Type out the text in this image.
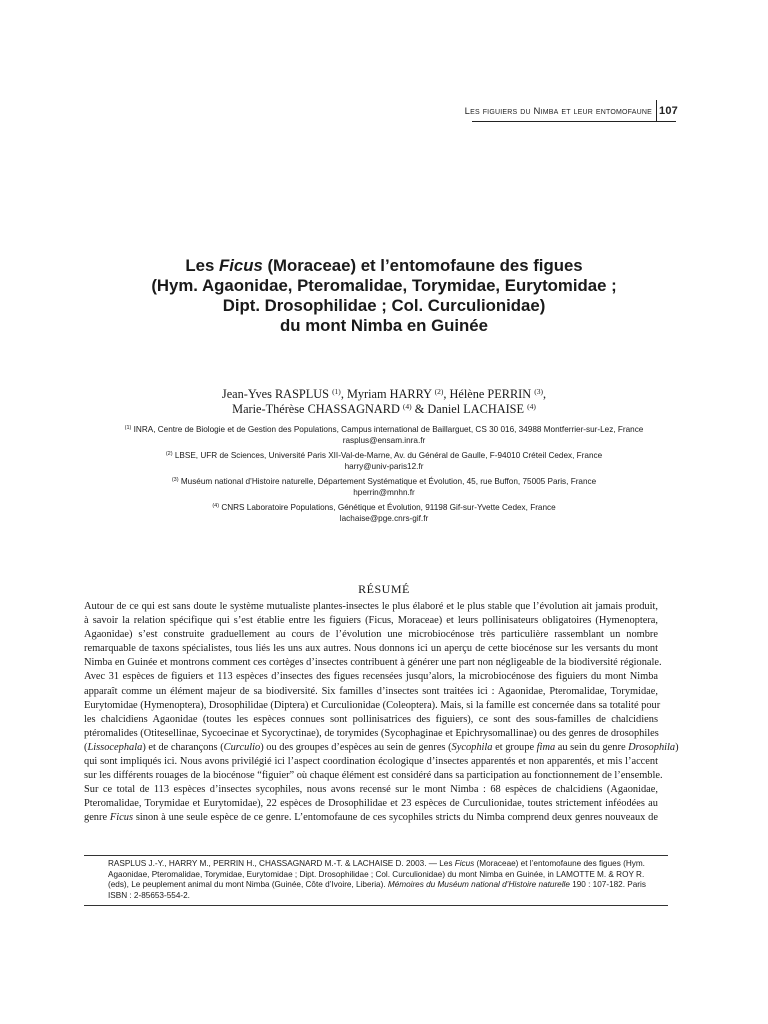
Les figuiers du Nimba et leur entomofaune 107
Les Ficus (Moraceae) et l’entomofaune des figues
(Hym. Agaonidae, Pteromalidae, Torymidae, Eurytomidae ;
Dipt. Drosophilidae ; Col. Curculionidae)
du mont Nimba en Guinée
Jean-Yves RASPLUS $^{(1)}$, Myriam HARRY $^{(2)}$, Hélène PERRIN $^{(3)}$,
Marie-Thérèse CHASSAGNARD $^{(4)}$ & Daniel LACHAISE $^{(4)}$
$^{(1)}$ INRA, Centre de Biologie et de Gestion des Populations, Campus international de Baillarguet, CS 30 016, 34988 Montferrier-sur-Lez, France
rasplus@ensam.inra.fr
$^{(2)}$ LBSE, UFR de Sciences, Université Paris XII-Val-de-Marne, Av. du Général de Gaulle, F-94010 Créteil Cedex, France
harry@univ-paris12.fr
$^{(3)}$ Muséum national d’Histoire naturelle, Département Systématique et Évolution, 45, rue Buffon, 75005 Paris, France
hperrin@mnhn.fr
$^{(4)}$ CNRS Laboratoire Populations, Génétique et Évolution, 91198 Gif-sur-Yvette Cedex, France
lachaise@pge.cnrs-gif.fr
RÉSUMÉ
Autour de ce qui est sans doute le système mutualiste plantes-insectes le plus élaboré et le plus stable que l’évolution ait jamais produit,
à savoir la relation spécifique qui s’est établie entre les figuiers (Ficus, Moraceae) et leurs pollinisateurs obligatoires (Hymenoptera,
Agaonidae) s’est construite graduellement au cours de l’évolution une microbiocénose très particulière rassemblant un nombre
remarquable de taxons spécialistes, tous liés les uns aux autres. Nous donnons ici un aperçu de cette biocénose sur les versants du mont
Nimba en Guinée et montrons comment ces cortèges d’insectes contribuent à générer une part non négligeable de la biodiversité régionale.
Avec 31 espèces de figuiers et 113 espèces d’insectes des figues recensées jusqu’alors, la microbiocénose des figuiers du mont Nimba
apparaît comme un élément majeur de sa biodiversité. Six familles d’insectes sont traitées ici : Agaonidae, Pteromalidae, Torymidae,
Eurytomidae (Hymenoptera), Drosophilidae (Diptera) et Curculionidae (Coleoptera). Mais, si la famille est concernée dans sa totalité pour
les chalcidiens Agaonidae (toutes les espèces connues sont pollinisatrices des figuiers), ce sont des sous-familles de chalcidiens
ptéromalides (Otitesellinae, Sycoecinae et Sycoryctinae), de torymides (Sycophaginae et Epichrysomallinae) ou des genres de drosophiles
(Lissocephala) et de charançons (Curculio) ou des groupes d’espèces au sein de genres (Sycophila et groupe fima au sein du genre Drosophila)
qui sont impliqués ici. Nous avons privilégié ici l’aspect coordination écologique d’insectes apparentés et non apparentés, et mis l’accent
sur les différents rouages de la biocénose “figuier” où chaque élément est considéré dans sa participation au fonctionnement de l’ensemble.
Sur ce total de 113 espèces d’insectes sycophiles, nous avons recensé sur le mont Nimba : 68 espèces de chalcidiens (Agaonidae,
Pteromalidae, Torymidae et Eurytomidae), 22 espèces de Drosophilidae et 23 espèces de Curculionidae, toutes strictement inféodées au
genre Ficus sinon à une seule espèce de ce genre. L’entomofaune de ces sycophiles stricts du Nimba comprend deux genres nouveaux de
RASPLUS J.-Y., HARRY M., PERRIN H., CHASSAGNARD M.-T. & LACHAISE D. 2003. — Les Ficus (Moraceae) et l’entomofaune des figues (Hym.
Agaonidae, Pteromalidae, Torymidae, Eurytomidae ; Dipt. Drosophilidae ; Col. Curculionidae) du mont Nimba en Guinée, in LAMOTTE M. & ROY R.
(eds), Le peuplement animal du mont Nimba (Guinée, Côte d’Ivoire, Liberia). Mémoires du Muséum national d’Histoire naturelle 190 : 107-182. Paris
ISBN : 2-85653-554-2.
